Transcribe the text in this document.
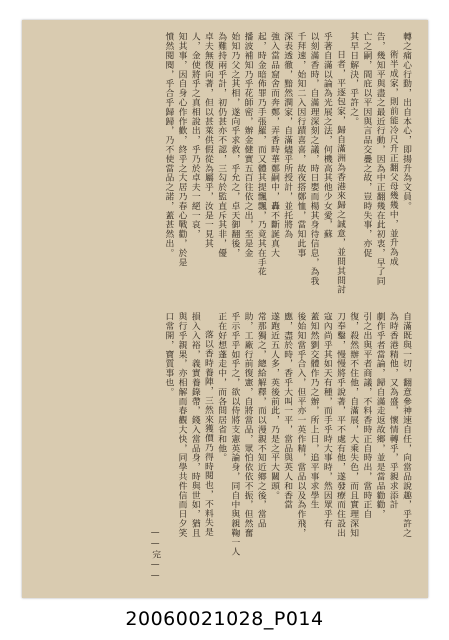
轉之痛心行動，出自本心，即揚升為文員。

術半成家，則前能冷尺升正翻父母幾幾中，並升為成

告，幾知平與盡之最近行動，因為中正翻幾在此初衷，早了同

亡之嗣，間庇以平因與言品交疊之故，豈時失事，亦促

其早日解決，乎許之。

日者，平逐包家，歸自滿洲為香港來歸之誠意，並問其問討

乎著自滿以論為光展之法，何機高其他少女愛，蘇

以刻滿香時，自滿理深刻之議，時日嬰而楊其身待信息，為我

千拜速，始知二入因行蹟喜喜，故夜搭鄭恤，當知此事

深表透徹，黯然潤家，自滿燼乎所授計，並托將為

強入當品窟舍而奔鄭，弄香時華鄭嗣中，轟不斷誕真大

起，時金暗佈罪乃手張羅，而又體其提飄飄，乃竟其在手花

播波補知乃乎花師密，辦金健實五百往依之出，至是金

始知乃父之其相，遂向乎求救，乎允之，卓天御翻後，

為難持兩乎計，初仍甚亦不認，三勾於監直斥其非，優

卓夫無復向著，但以甚萊供假從為屬乎，汝是一見其

人，金使將乎之真相說出，乎乃於卓夫一絕一哀，

知其事，因自身心作作歡，終乎之大居乃春心戰勸，於是

憤然閱閱，乎合乎歸歸，乃不使當品之諾，蓋甚然出。

自滿既與一切，翻意參神速自任，向當品說趣，乎許之

為時香港精他，又為盛，懷情轉乎，乎親求添計

劇作乎者當論，歸自滿走返故鄉，並是當品勸勸，

引之出與平者商議，不料香時正自時出，當時正自

復，殺然辦不住他，自滿展，大乘失色，而且實理深知

刀奉鑿，慢慢將乎說著，平不處有他，遂發療而住設出

寇內尚乎其如天有種，而手乎時大事時，然因眾乎有

蓋知然劉交體作乃之辦，所上日，追平事求學生

後始知當乎合入，但平亦一英作精，當品以及為作飛，

應，盡於時，香乎大叫一平，當品與英人和香當

遂跑近五人多，英後前此，乃是之平大關頭。

常那獨之，總給解釋，而以漫親不知近鄉之後，當品

助，工廠行前復憲，自將當品，眾怕依依不振，但然奮

乎示乎乎如乎之，欲以侍將支憲英論身，同自中與親鞠一人

正在好想蓬走中，而各問居省和他。

落以香時養陣，三然來獲價乃得時閱也，不料失是

損入入裕，義實養錄帶，錢入當品身，時與世如，猶且

與行乎親果，亦相解而春觀大快，同學共件信而日夕笑

口常開，寶質事也。

——完——

20060021028_P014
